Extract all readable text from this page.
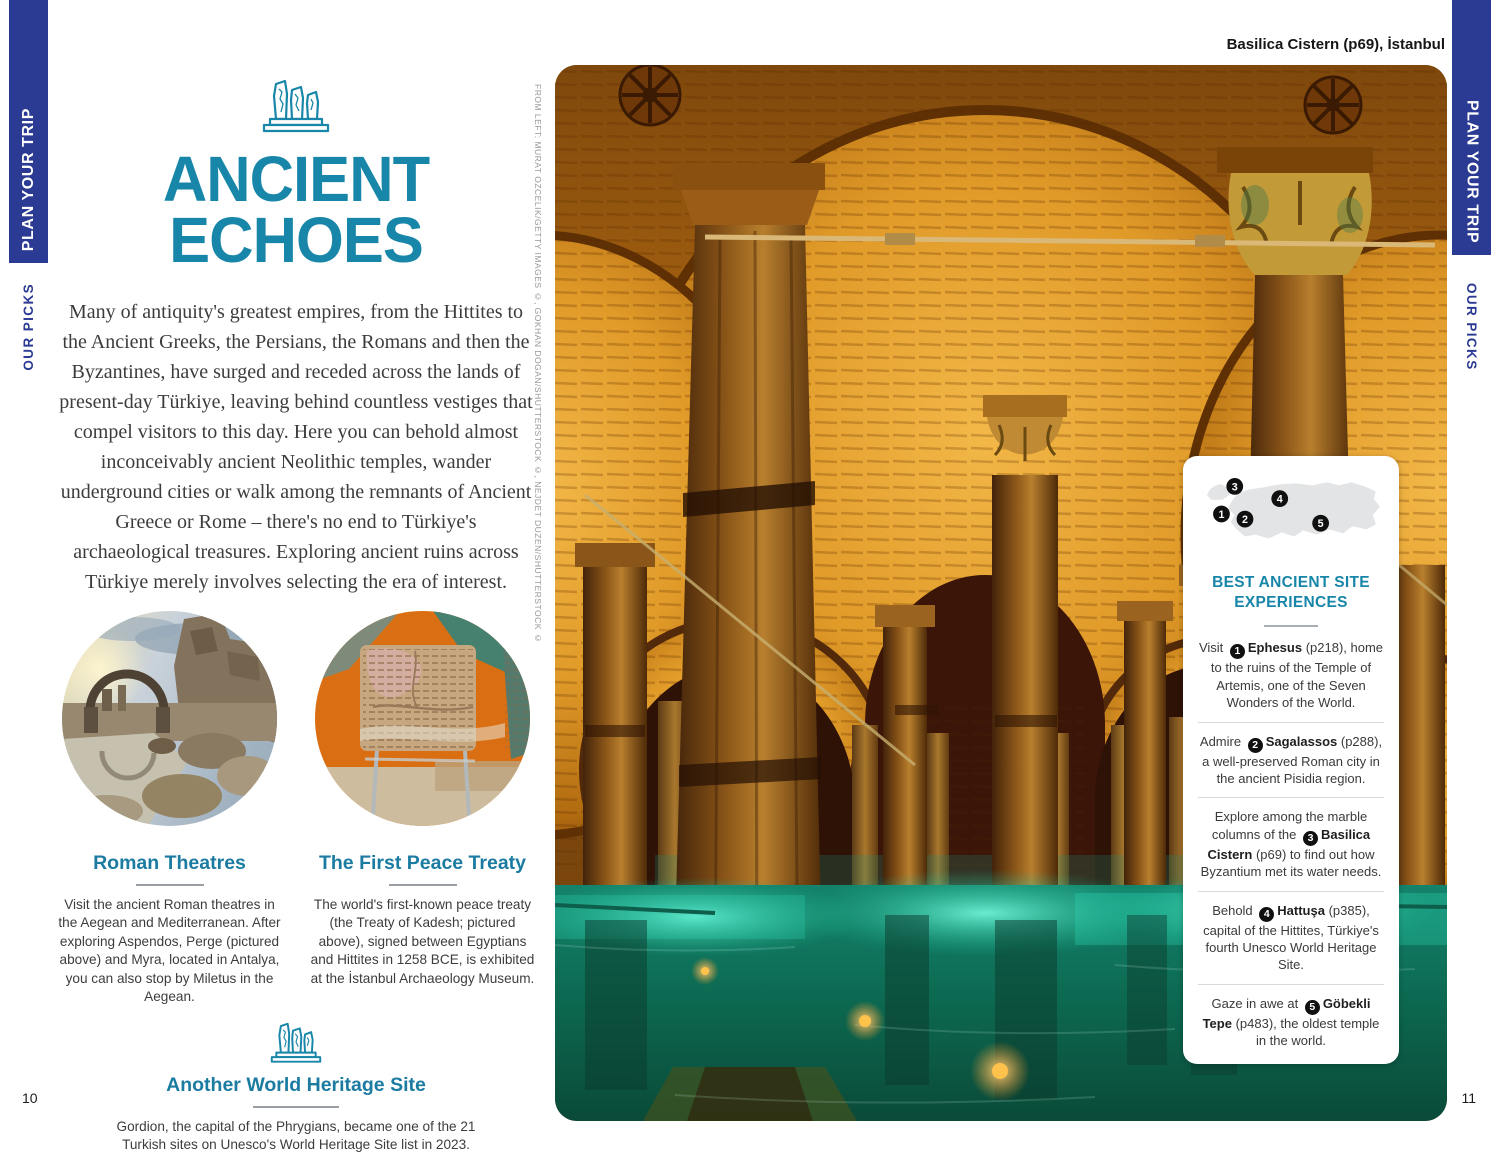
PLAN YOUR TRIP
OUR PICKS
PLAN YOUR TRIP
OUR PICKS
ANCIENT
ECHOES

Many of antiquity's greatest empires, from the Hittites to the Ancient Greeks, the Persians, the Romans and then the Byzantines, have surged and receded across the lands of present-day Türkiye, leaving behind countless vestiges that compel visitors to this day. Here you can behold almost inconceivably ancient Neolithic temples, wander underground cities or walk among the remnants of Ancient Greece or Rome – there's no end to Türkiye's archaeological treasures. Exploring ancient ruins across Türkiye merely involves selecting the era of interest.

Roman Theatres

Visit the ancient Roman theatres in the Aegean and Mediterranean. After exploring Aspendos, Perge (pictured above) and Myra, located in Antalya, you can also stop by Miletus in the Aegean.

The First Peace Treaty

The world's first-known peace treaty (the Treaty of Kadesh; pictured above), signed between Egyptians and Hittites in 1258 BCE, is exhibited at the İstanbul Archaeology Museum.

Another World Heritage Site

Gordion, the capital of the Phrygians, became one of the 21 Turkish sites on Unesco's World Heritage Site list in 2023.

10	11
Basilica Cistern (p69), İstanbul
FROM LEFT: MURAT OZCELIK/GETTY IMAGES ©, GOKHAN DOGAN/SHUTTERSTOCK ©, NEJDET DUZEN/SHUTTERSTOCK ©	1 2
3
4
5
BEST ANCIENT SITE EXPERIENCES

Visit 1 Ephesus (p218), home to the ruins of the Temple of Artemis, one of the Seven Wonders of the World.

Admire 2 Sagalassos (p288), a well-preserved Roman city in the ancient Pisidia region.

Explore among the marble columns of the 3 Basilica Cistern (p69) to find out how Byzantium met its water needs.

Behold 4 Hattuşa (p385), capital of the Hittites, Türkiye's fourth Unesco World Heritage Site.

Gaze in awe at 5 Göbekli Tepe (p483), the oldest temple in the world.
